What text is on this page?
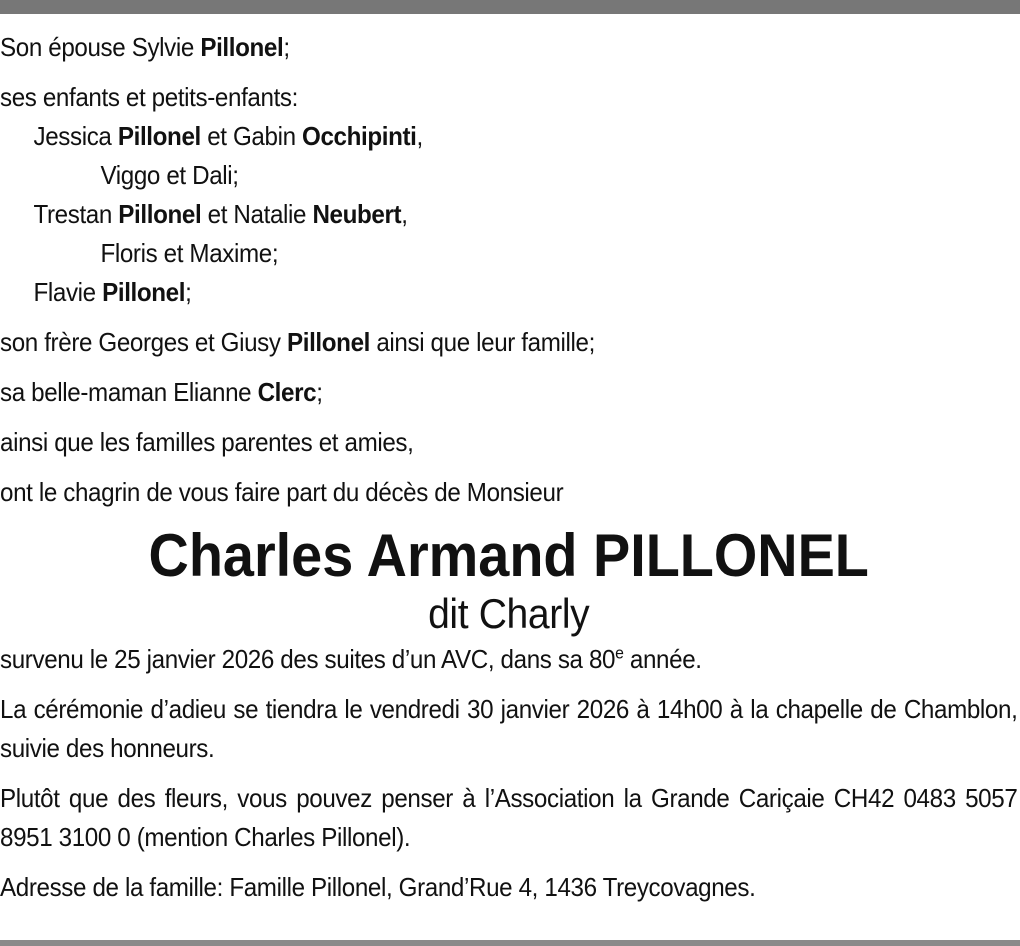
Son épouse Sylvie Pillonel;
ses enfants et petits-enfants:
Jessica Pillonel et Gabin Occhipinti,
Viggo et Dali;
Trestan Pillonel et Natalie Neubert,
Floris et Maxime;
Flavie Pillonel;
son frère Georges et Giusy Pillonel ainsi que leur famille;
sa belle-maman Elianne Clerc;
ainsi que les familles parentes et amies,
ont le chagrin de vous faire part du décès de Monsieur
Charles Armand PILLONEL
dit Charly
survenu le 25 janvier 2026 des suites d’un AVC, dans sa 80e année.
La cérémonie d’adieu se tiendra le vendredi 30 janvier 2026 à 14h00 à la chapelle de Chamblon, suivie des honneurs.
Plutôt que des fleurs, vous pouvez penser à l’Association la Grande Cariçaie CH42 0483 5057 8951 3100 0 (mention Charles Pillonel).
Adresse de la famille: Famille Pillonel, Grand’Rue 4, 1436 Treycovagnes.
